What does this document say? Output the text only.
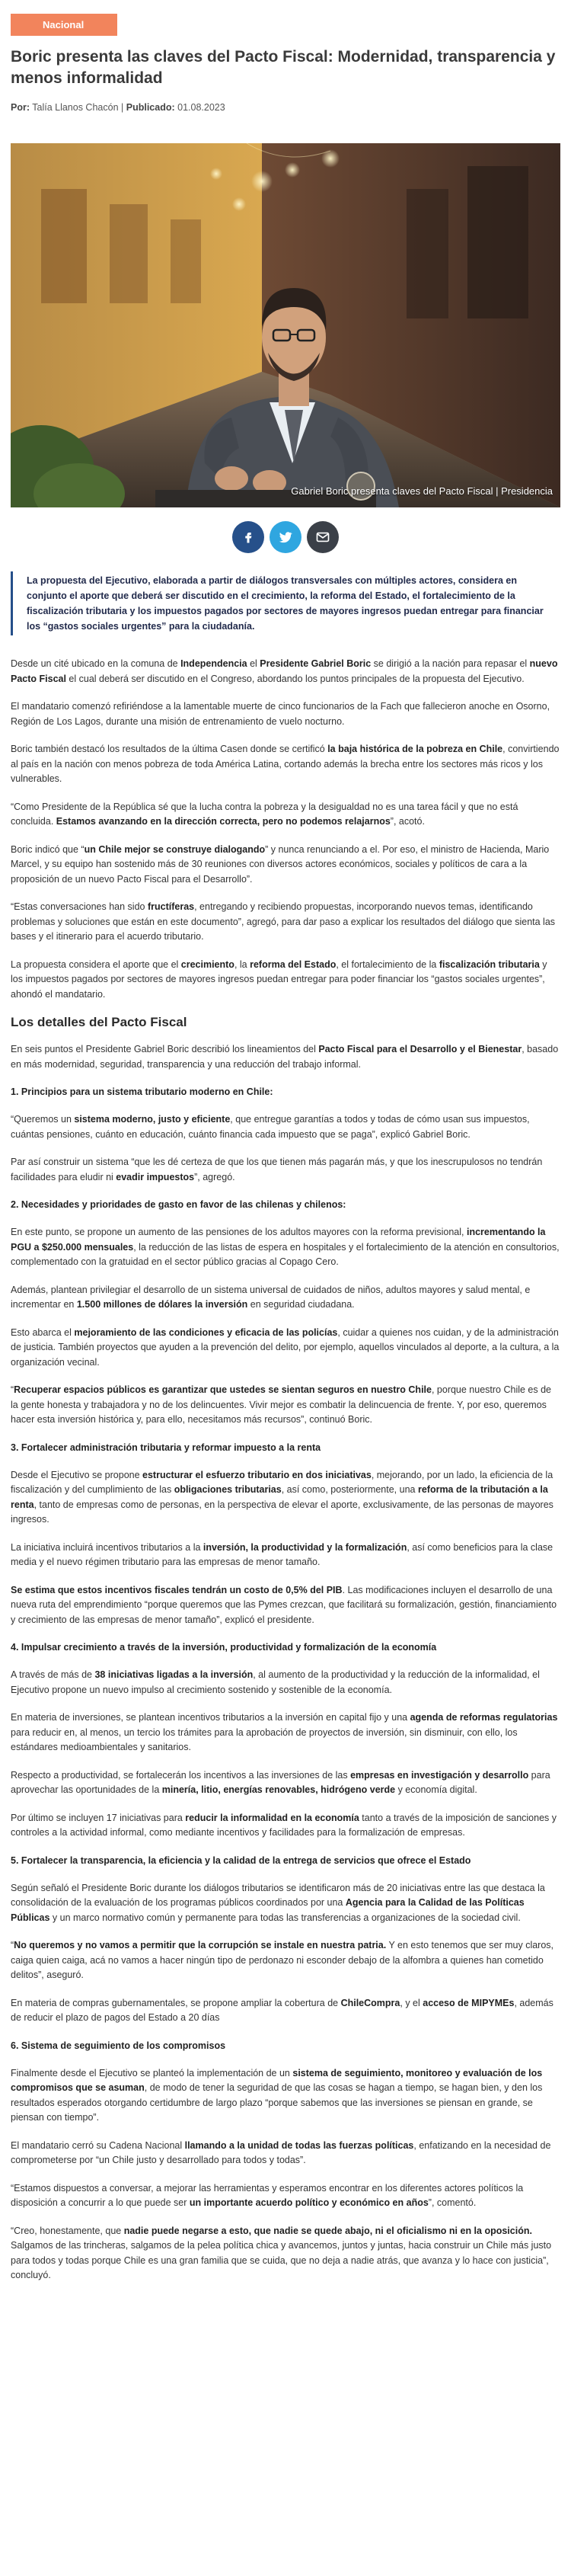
Nacional
Boric presenta las claves del Pacto Fiscal: Modernidad, transparencia y menos informalidad
Por: Talía Llanos Chacón | Publicado: 01.08.2023
Gabriel Boric presenta claves del Pacto Fiscal | Presidencia
La propuesta del Ejecutivo, elaborada a partir de diálogos transversales con múltiples actores, considera en conjunto el aporte que deberá ser discutido en el crecimiento, la reforma del Estado, el fortalecimiento de la fiscalización tributaria y los impuestos pagados por sectores de mayores ingresos puedan entregar para financiar los “gastos sociales urgentes” para la ciudadanía.

Desde un cité ubicado en la comuna de Independencia el Presidente Gabriel Boric se dirigió a la nación para repasar el nuevo Pacto Fiscal el cual deberá ser discutido en el Congreso, abordando los puntos principales de la propuesta del Ejecutivo.

El mandatario comenzó refiriéndose a la lamentable muerte de cinco funcionarios de la Fach que fallecieron anoche en Osorno, Región de Los Lagos, durante una misión de entrenamiento de vuelo nocturno.

Boric también destacó los resultados de la última Casen donde se certificó la baja histórica de la pobreza en Chile, convirtiendo al país en la nación con menos pobreza de toda América Latina, cortando además la brecha entre los sectores más ricos y los vulnerables.

“Como Presidente de la República sé que la lucha contra la pobreza y la desigualdad no es una tarea fácil y que no está concluida. Estamos avanzando en la dirección correcta, pero no podemos relajarnos”, acotó.

Boric indicó que “un Chile mejor se construye dialogando” y nunca renunciando a el. Por eso, el ministro de Hacienda, Mario Marcel, y su equipo han sostenido más de 30 reuniones con diversos actores económicos, sociales y políticos de cara a la proposición de un nuevo Pacto Fiscal para el Desarrollo”.

“Estas conversaciones han sido fructíferas, entregando y recibiendo propuestas, incorporando nuevos temas, identificando problemas y soluciones que están en este documento”, agregó, para dar paso a explicar los resultados del diálogo que sienta las bases y el itinerario para el acuerdo tributario.

La propuesta considera el aporte que el crecimiento, la reforma del Estado, el fortalecimiento de la fiscalización tributaria y los impuestos pagados por sectores de mayores ingresos puedan entregar para poder financiar los “gastos sociales urgentes”, ahondó el mandatario.

Los detalles del Pacto Fiscal

En seis puntos el Presidente Gabriel Boric describió los lineamientos del Pacto Fiscal para el Desarrollo y el Bienestar, basado en más modernidad, seguridad, transparencia y una reducción del trabajo informal.

1. Principios para un sistema tributario moderno en Chile:

“Queremos un sistema moderno, justo y eficiente, que entregue garantías a todos y todas de cómo usan sus impuestos, cuántas pensiones, cuánto en educación, cuánto financia cada impuesto que se paga”, explicó Gabriel Boric.

Par así construir un sistema “que les dé certeza de que los que tienen más pagarán más, y que los inescrupulosos no tendrán facilidades para eludir ni evadir impuestos”, agregó.

2. Necesidades y prioridades de gasto en favor de las chilenas y chilenos:

En este punto, se propone un aumento de las pensiones de los adultos mayores con la reforma previsional, incrementando la PGU a $250.000 mensuales, la reducción de las listas de espera en hospitales y el fortalecimiento de la atención en consultorios, complementado con la gratuidad en el sector público gracias al Copago Cero.

Además, plantean privilegiar el desarrollo de un sistema universal de cuidados de niños, adultos mayores y salud mental, e incrementar en 1.500 millones de dólares la inversión en seguridad ciudadana.

Esto abarca el mejoramiento de las condiciones y eficacia de las policías, cuidar a quienes nos cuidan, y de la administración de justicia. También proyectos que ayuden a la prevención del delito, por ejemplo, aquellos vinculados al deporte, a la cultura, a la organización vecinal.

“Recuperar espacios públicos es garantizar que ustedes se sientan seguros en nuestro Chile, porque nuestro Chile es de la gente honesta y trabajadora y no de los delincuentes. Vivir mejor es combatir la delincuencia de frente. Y, por eso, queremos hacer esta inversión histórica y, para ello, necesitamos más recursos”, continuó Boric.

3. Fortalecer administración tributaria y reformar impuesto a la renta

Desde el Ejecutivo se propone estructurar el esfuerzo tributario en dos iniciativas, mejorando, por un lado, la eficiencia de la fiscalización y del cumplimiento de las obligaciones tributarias, así como, posteriormente, una reforma de la tributación a la renta, tanto de empresas como de personas, en la perspectiva de elevar el aporte, exclusivamente, de las personas de mayores ingresos.

La iniciativa incluirá incentivos tributarios a la inversión, la productividad y la formalización, así como beneficios para la clase media y el nuevo régimen tributario para las empresas de menor tamaño.

Se estima que estos incentivos fiscales tendrán un costo de 0,5% del PIB. Las modificaciones incluyen el desarrollo de una nueva ruta del emprendimiento “porque queremos que las Pymes crezcan, que facilitará su formalización, gestión, financiamiento y crecimiento de las empresas de menor tamaño”, explicó el presidente.

4. Impulsar crecimiento a través de la inversión, productividad y formalización de la economía

A través de más de 38 iniciativas ligadas a la inversión, al aumento de la productividad y la reducción de la informalidad, el Ejecutivo propone un nuevo impulso al crecimiento sostenido y sostenible de la economía.

En materia de inversiones, se plantean incentivos tributarios a la inversión en capital fijo y una agenda de reformas regulatorias para reducir en, al menos, un tercio los trámites para la aprobación de proyectos de inversión, sin disminuir, con ello, los estándares medioambientales y sanitarios.

Respecto a productividad, se fortalecerán los incentivos a las inversiones de las empresas en investigación y desarrollo para aprovechar las oportunidades de la minería, litio, energías renovables, hidrógeno verde y economía digital.

Por último se incluyen 17 iniciativas para reducir la informalidad en la economía tanto a través de la imposición de sanciones y controles a la actividad informal, como mediante incentivos y facilidades para la formalización de empresas.

5. Fortalecer la transparencia, la eficiencia y la calidad de la entrega de servicios que ofrece el Estado

Según señaló el Presidente Boric durante los diálogos tributarios se identificaron más de 20 iniciativas entre las que destaca la consolidación de la evaluación de los programas públicos coordinados por una Agencia para la Calidad de las Políticas Públicas y un marco normativo común y permanente para todas las transferencias a organizaciones de la sociedad civil.

“No queremos y no vamos a permitir que la corrupción se instale en nuestra patria. Y en esto tenemos que ser muy claros, caiga quien caiga, acá no vamos a hacer ningún tipo de perdonazo ni esconder debajo de la alfombra a quienes han cometido delitos”, aseguró.

En materia de compras gubernamentales, se propone ampliar la cobertura de ChileCompra, y el acceso de MIPYMEs, además de reducir el plazo de pagos del Estado a 20 días

6. Sistema de seguimiento de los compromisos

Finalmente desde el Ejecutivo se planteó la implementación de un sistema de seguimiento, monitoreo y evaluación de los compromisos que se asuman, de modo de tener la seguridad de que las cosas se hagan a tiempo, se hagan bien, y den los resultados esperados otorgando certidumbre de largo plazo “porque sabemos que las inversiones se piensan en grande, se piensan con tiempo”.

El mandatario cerró su Cadena Nacional llamando a la unidad de todas las fuerzas políticas, enfatizando en la necesidad de comprometerse por “un Chile justo y desarrollado para todos y todas”.

“Estamos dispuestos a conversar, a mejorar las herramientas y esperamos encontrar en los diferentes actores políticos la disposición a concurrir a lo que puede ser un importante acuerdo político y económico en años”, comentó.

“Creo, honestamente, que nadie puede negarse a esto, que nadie se quede abajo, ni el oficialismo ni en la oposición. Salgamos de las trincheras, salgamos de la pelea política chica y avancemos, juntos y juntas, hacia construir un Chile más justo para todos y todas porque Chile es una gran familia que se cuida, que no deja a nadie atrás, que avanza y lo hace con justicia”, concluyó.
